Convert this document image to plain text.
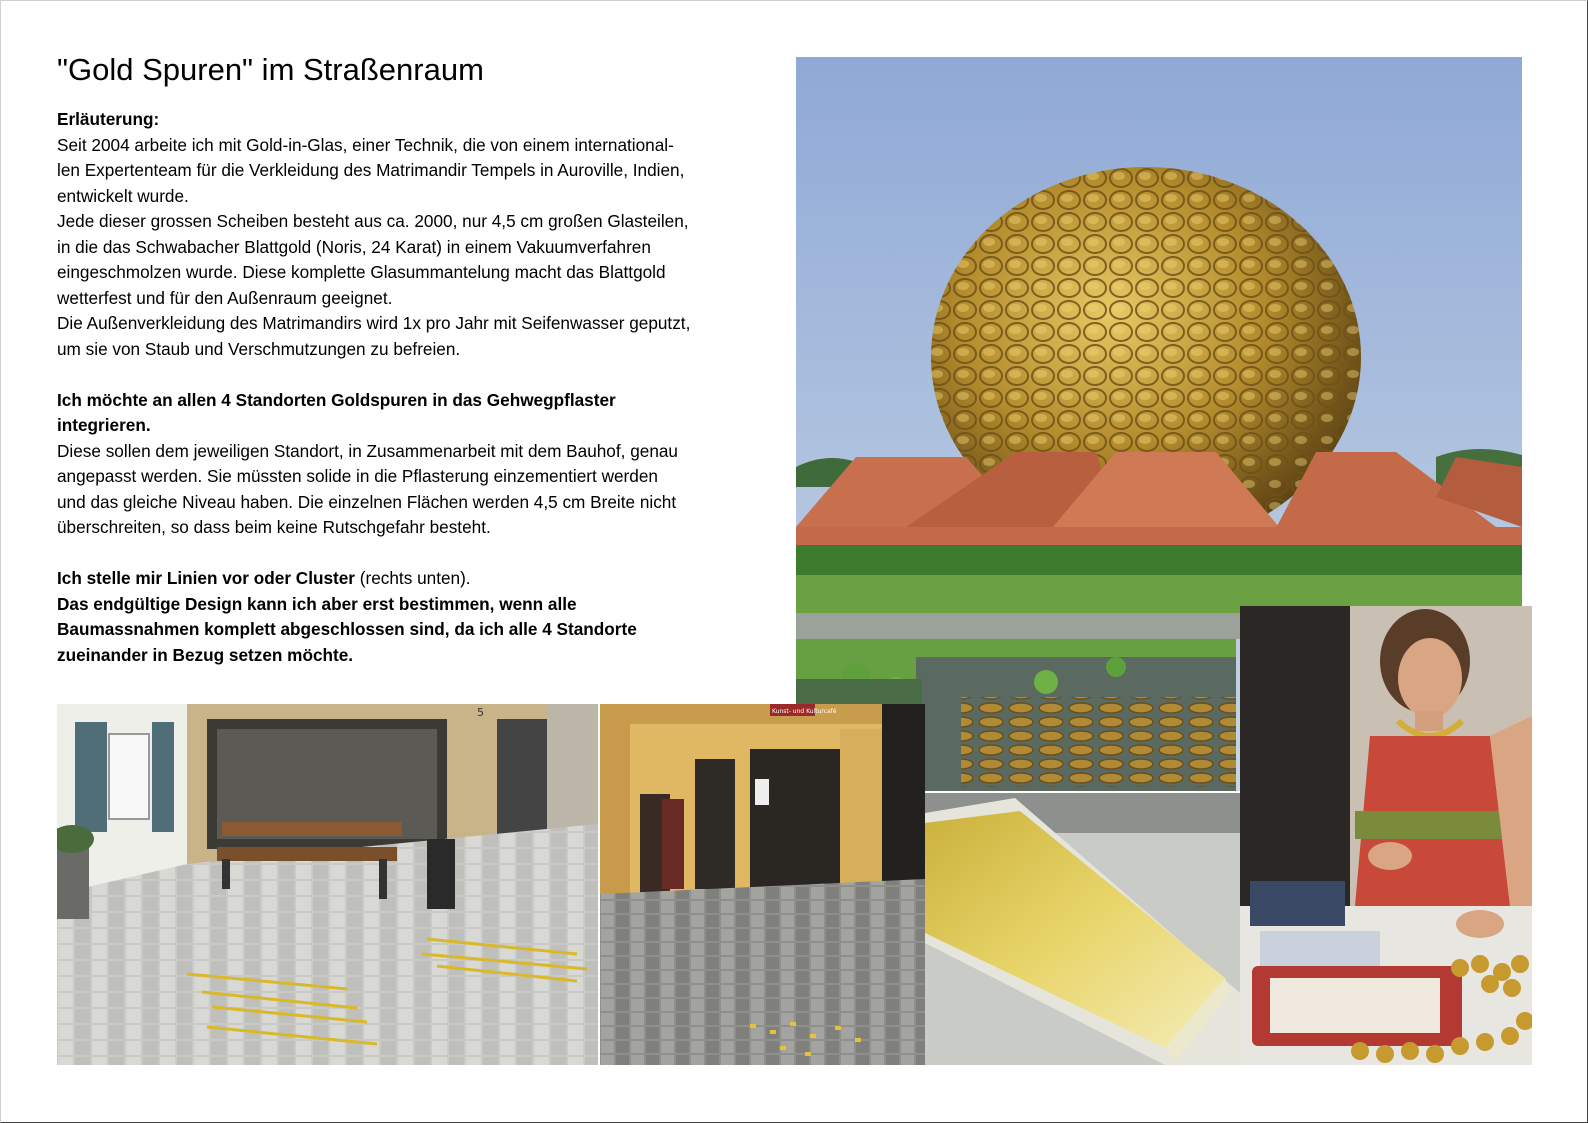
"Gold Spuren" im Straßenraum

Erläuterung:

Seit 2004 arbeite ich mit Gold-in-Glas, einer Technik, die von einem international-
len Expertenteam für die Verkleidung des Matrimandir Tempels in Auroville, Indien,
entwickelt wurde.

Jede dieser grossen Scheiben besteht aus ca. 2000, nur 4,5 cm großen Glasteilen,
in die das Schwabacher Blattgold (Noris, 24 Karat) in einem Vakuumverfahren
eingeschmolzen wurde. Diese komplette Glasummantelung macht das Blattgold
wetterfest und für den Außenraum geeignet.

Die Außenverkleidung des Matrimandirs wird 1x pro Jahr mit Seifenwasser geputzt,
um sie von Staub und Verschmutzungen zu befreien.

Ich möchte an allen 4 Standorten Goldspuren in das Gehwegpflaster
integrieren.

Diese sollen dem jeweiligen Standort, in Zusammenarbeit mit dem Bauhof, genau
angepasst werden. Sie müssten solide in die Pflasterung einzementiert werden
und das gleiche Niveau haben. Die einzelnen Flächen werden 4,5 cm Breite nicht
überschreiten, so dass beim keine Rutschgefahr besteht.

Ich stelle mir Linien vor oder Cluster (rechts unten).

Das endgültige Design kann ich aber erst bestimmen, wenn alle
Baumassnahmen komplett abgeschlossen sind, da ich alle 4 Standorte
zueinander in Bezug setzen möchte.

5	Kunst- und Kulturcafé
